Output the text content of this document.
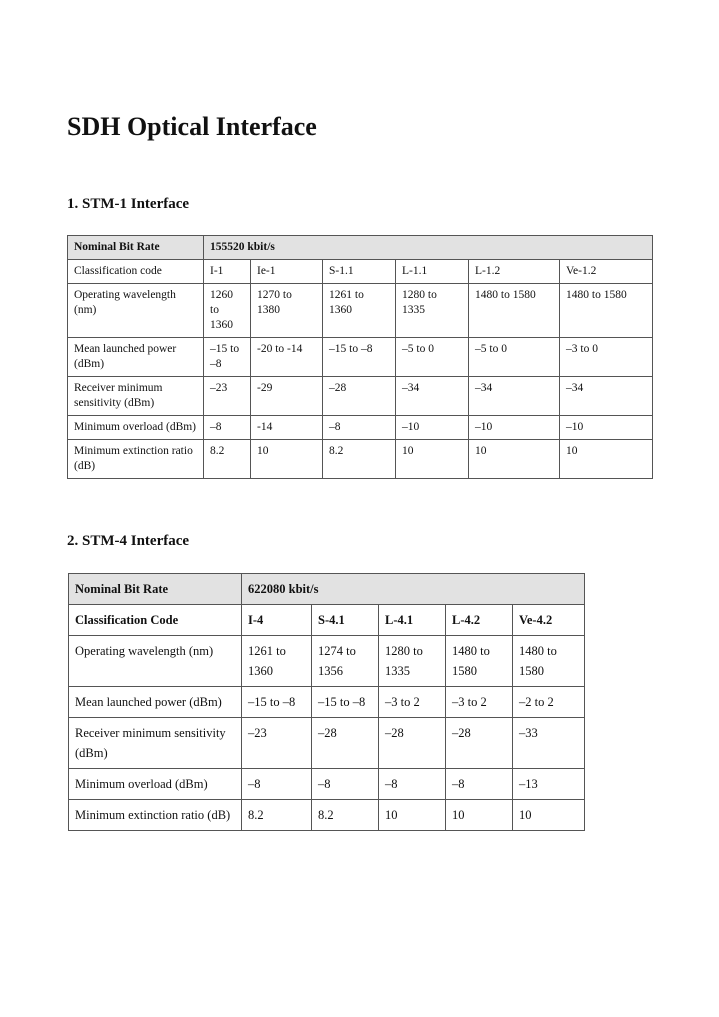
SDH Optical Interface
1. STM-1 Interface
Nominal Bit Rate	155520 kbit/s					
Classification code	I-1	Ie-1	S-1.1	L-1.1	L-1.2	Ve-1.2
Operating wavelength (nm)	1260 to 1360	1270 to 1380	1261 to 1360	1280 to 1335	1480 to 1580	1480 to 1580
Mean launched power (dBm)	–15 to –8	-20 to -14	–15 to –8	–5 to 0	–5 to 0	–3 to 0
Receiver minimum sensitivity (dBm)	–23	-29	–28	–34	–34	–34
Minimum overload (dBm)	–8	-14	–8	–10	–10	–10
Minimum extinction ratio (dB)	8.2	10	8.2	10	10	10
2. STM-4 Interface
Nominal Bit Rate	622080 kbit/s				
Classification Code	I-4	S-4.1	L-4.1	L-4.2	Ve-4.2
Operating wavelength (nm)	1261 to 1360	1274 to 1356	1280 to 1335	1480 to 1580	1480 to 1580
Mean launched power (dBm)	–15 to –8	–15 to –8	–3 to 2	–3 to 2	–2 to 2
Receiver minimum sensitivity (dBm)	–23	–28	–28	–28	–33
Minimum overload (dBm)	–8	–8	–8	–8	–13
Minimum extinction ratio (dB)	8.2	8.2	10	10	10
